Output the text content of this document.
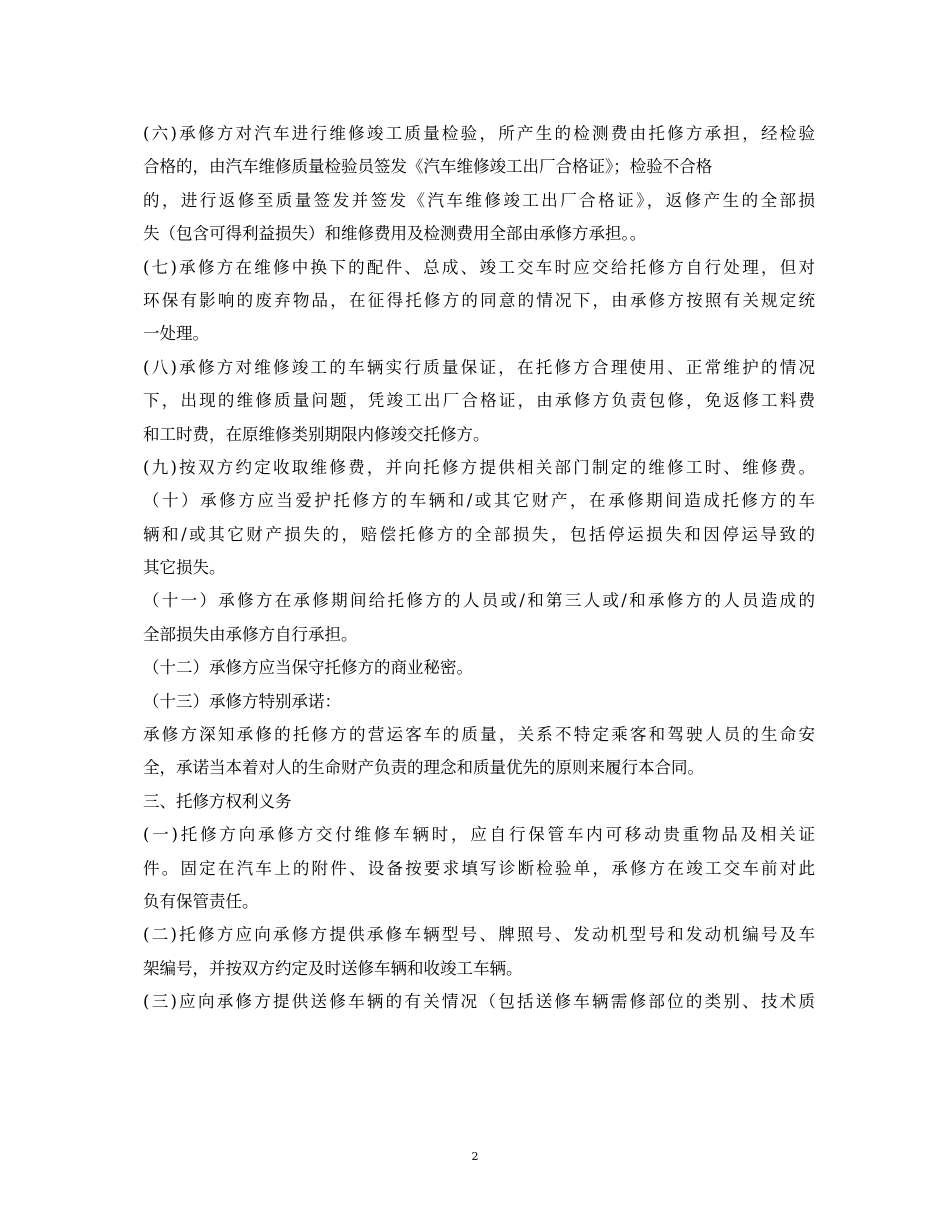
(六)承修方对汽车进行维修竣工质量检验，所产生的检测费由托修方承担，经检验
合格的，由汽车维修质量检验员签发《汽车维修竣工出厂合格证》；检验不合格
的，进行返修至质量签发并签发《汽车维修竣工出厂合格证》，返修产生的全部损
失（包含可得利益损失）和维修费用及检测费用全部由承修方承担。。
(七)承修方在维修中换下的配件、总成、竣工交车时应交给托修方自行处理，但对
环保有影响的废弃物品，在征得托修方的同意的情况下，由承修方按照有关规定统
一处理。
(八)承修方对维修竣工的车辆实行质量保证，在托修方合理使用、正常维护的情况
下，出现的维修质量问题，凭竣工出厂合格证，由承修方负责包修，免返修工料费
和工时费，在原维修类别期限内修竣交托修方。
(九)按双方约定收取维修费，并向托修方提供相关部门制定的维修工时、维修费。
（十）承修方应当爱护托修方的车辆和/或其它财产，在承修期间造成托修方的车
辆和/或其它财产损失的，赔偿托修方的全部损失，包括停运损失和因停运导致的
其它损失。
（十一）承修方在承修期间给托修方的人员或/和第三人或/和承修方的人员造成的
全部损失由承修方自行承担。
（十二）承修方应当保守托修方的商业秘密。
（十三）承修方特别承诺：
承修方深知承修的托修方的营运客车的质量，关系不特定乘客和驾驶人员的生命安
全，承诺当本着对人的生命财产负责的理念和质量优先的原则来履行本合同。
三、托修方权利义务
(一)托修方向承修方交付维修车辆时，应自行保管车内可移动贵重物品及相关证
件。固定在汽车上的附件、设备按要求填写诊断检验单，承修方在竣工交车前对此
负有保管责任。
(二)托修方应向承修方提供承修车辆型号、牌照号、发动机型号和发动机编号及车
架编号，并按双方约定及时送修车辆和收竣工车辆。
(三)应向承修方提供送修车辆的有关情况（包括送修车辆需修部位的类别、技术质
2
